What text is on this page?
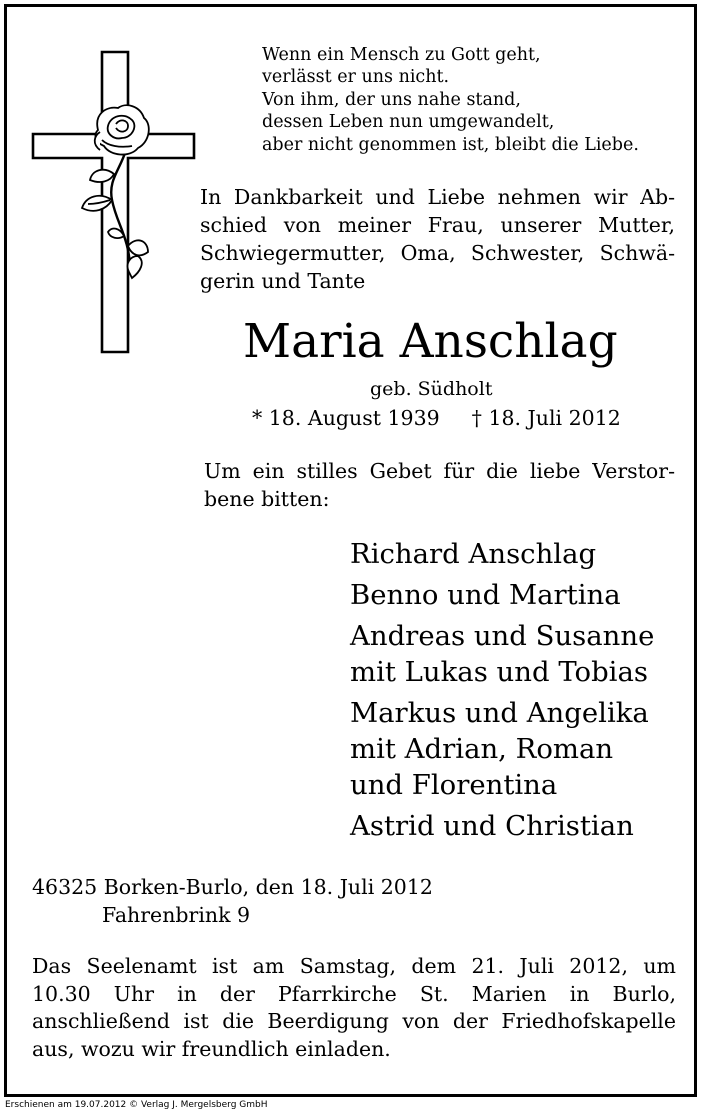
Wenn ein Mensch zu Gott geht,
verlässt er uns nicht.
Von ihm, der uns nahe stand,
dessen Leben nun umgewandelt,
aber nicht genommen ist, bleibt die Liebe.
In Dankbarkeit und Liebe nehmen wir Ab-
schied von meiner Frau, unserer Mutter,
Schwiegermutter, Oma, Schwester, Schwä-
gerin und Tante
Maria Anschlag
geb. Südholt
* 18. August 1939 † 18. Juli 2012
Um ein stilles Gebet für die liebe Verstor-
bene bitten:
Richard Anschlag
Benno und Martina
Andreas und Susanne
mit Lukas und Tobias
Markus und Angelika
mit Adrian, Roman
und Florentina
Astrid und Christian
46325 Borken-Burlo, den 18. Juli 2012
Fahrenbrink 9
Das Seelenamt ist am Samstag, dem 21. Juli 2012, um
10.30 Uhr in der Pfarrkirche St. Marien in Burlo,
anschließend ist die Beerdigung von der Friedhofskapelle
aus, wozu wir freundlich einladen.
Erschienen am 19.07.2012 © Verlag J. Mergelsberg GmbH
